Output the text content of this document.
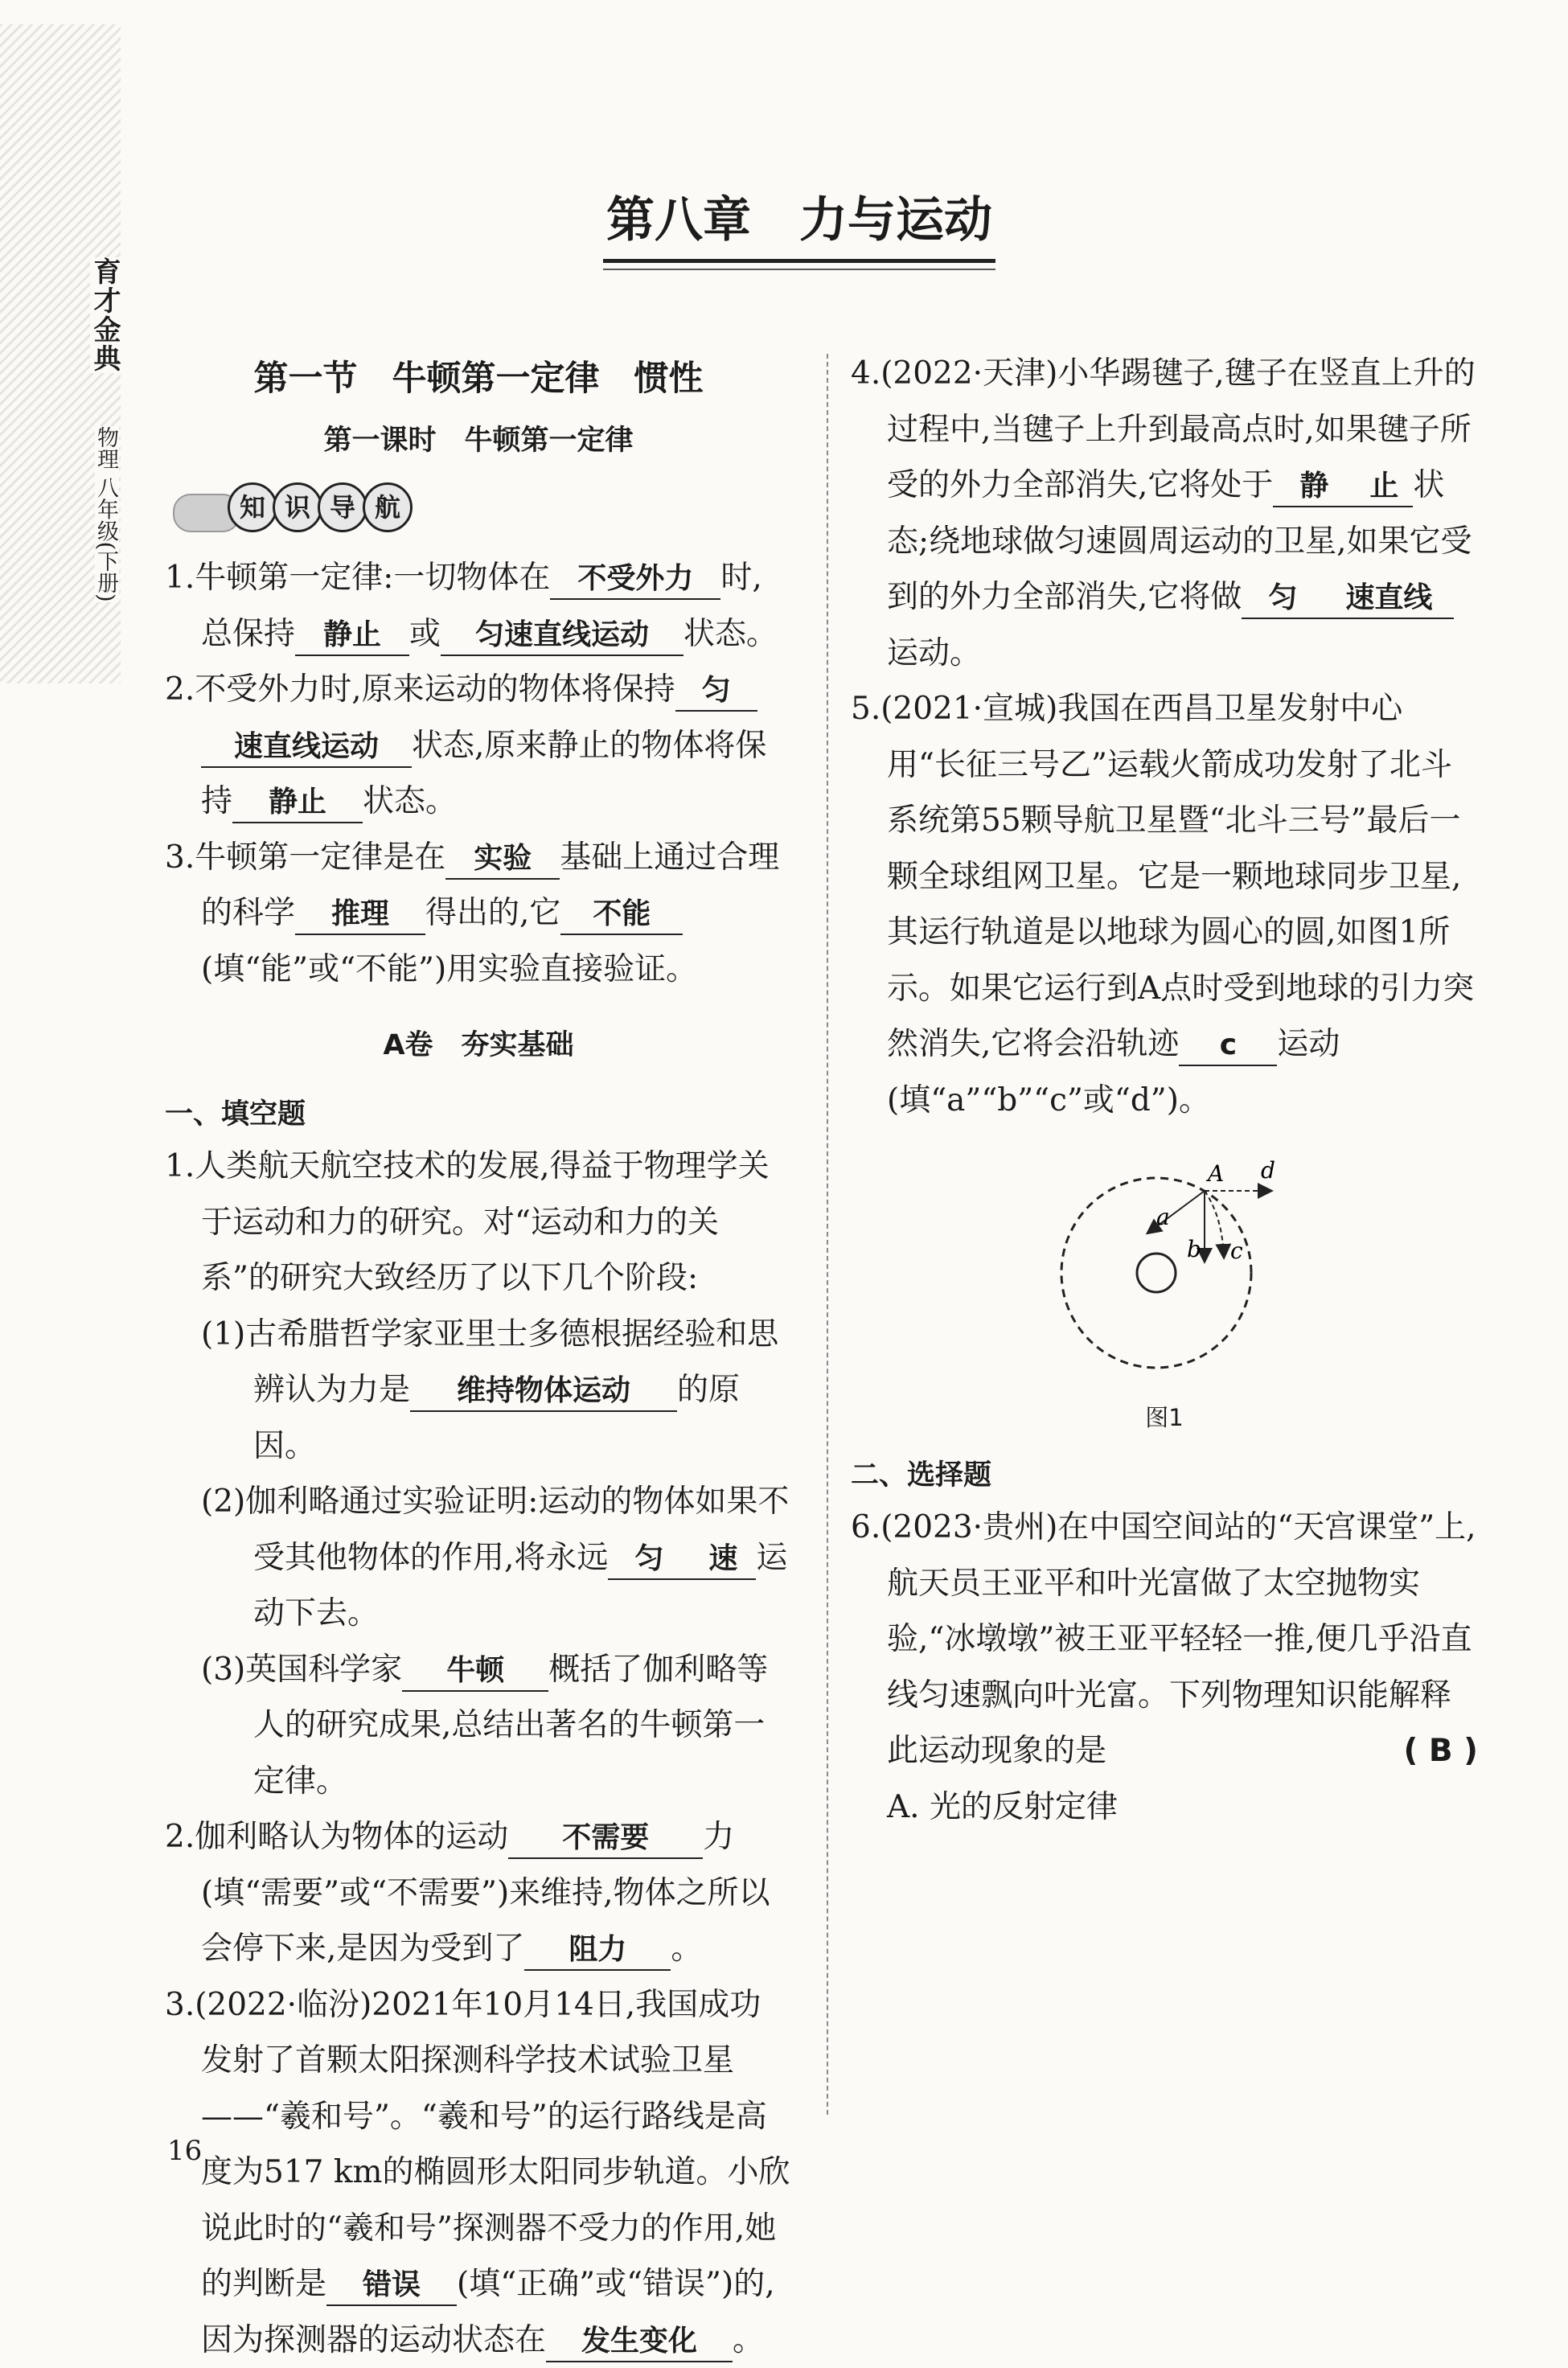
育才金典
物理 八年级(下册)
第八章　力与运动
第一节　牛顿第一定律　惯性
第一课时　牛顿第一定律
知 识 导 航

1.牛顿第一定律:一切物体在 不受外力 时,总保持 静止 或 匀速直线运动 状态。

2.不受外力时,原来运动的物体将保持 匀速直线运动 状态,原来静止的物体将保持 静止 状态。

3.牛顿第一定律是在 实验 基础上通过合理的科学 推理 得出的,它 不能(填“能”或“不能”)用实验直接验证。

A卷　夯实基础
一、填空题

1.人类航天航空技术的发展,得益于物理学关于运动和力的研究。对“运动和力的关系”的研究大致经历了以下几个阶段:

(1)古希腊哲学家亚里士多德根据经验和思辨认为力是 维持物体运动 的原因。

(2)伽利略通过实验证明:运动的物体如果不受其他物体的作用,将永远 匀 速 运动下去。

(3)英国科学家 牛顿 概括了伽利略等人的研究成果,总结出著名的牛顿第一定律。

2.伽利略认为物体的运动 不需要 力(填“需要”或“不需要”)来维持,物体之所以会停下来,是因为受到了 阻力 。

3.(2022·临汾)2021年10月14日,我国成功发射了首颗太阳探测科学技术试验卫星——“羲和号”。“羲和号”的运行路线是高度为517 km的椭圆形太阳同步轨道。小欣说此时的“羲和号”探测器不受力的作用,她的判断是 错误 (填“正确”或“错误”)的,因为探测器的运动状态在 发生变化 。

4.(2022·天津)小华踢毽子,毽子在竖直上升的过程中,当毽子上升到最高点时,如果毽子所受的外力全部消失,它将处于 静 止 状态;绕地球做匀速圆周运动的卫星,如果它受到的外力全部消失,它将做 匀 速直线运动。

5.(2021·宣城)我国在西昌卫星发射中心用“长征三号乙”运载火箭成功发射了北斗系统第55颗导航卫星暨“北斗三号”最后一颗全球组网卫星。它是一颗地球同步卫星,其运行轨道是以地球为圆心的圆,如图1所示。如果它运行到A点时受到地球的引力突然消失,它将会沿轨迹 c 运动(填“a”“b”“c”或“d”)。

A
a
b c
d
图1
二、选择题

6.(2023·贵州)在中国空间站的“天宫课堂”上,航天员王亚平和叶光富做了太空抛物实验,“冰墩墩”被王亚平轻轻一推,便几乎沿直线匀速飘向叶光富。下列物理知识能解释此运动现象的是	( B )

A. 光的反射定律

16
